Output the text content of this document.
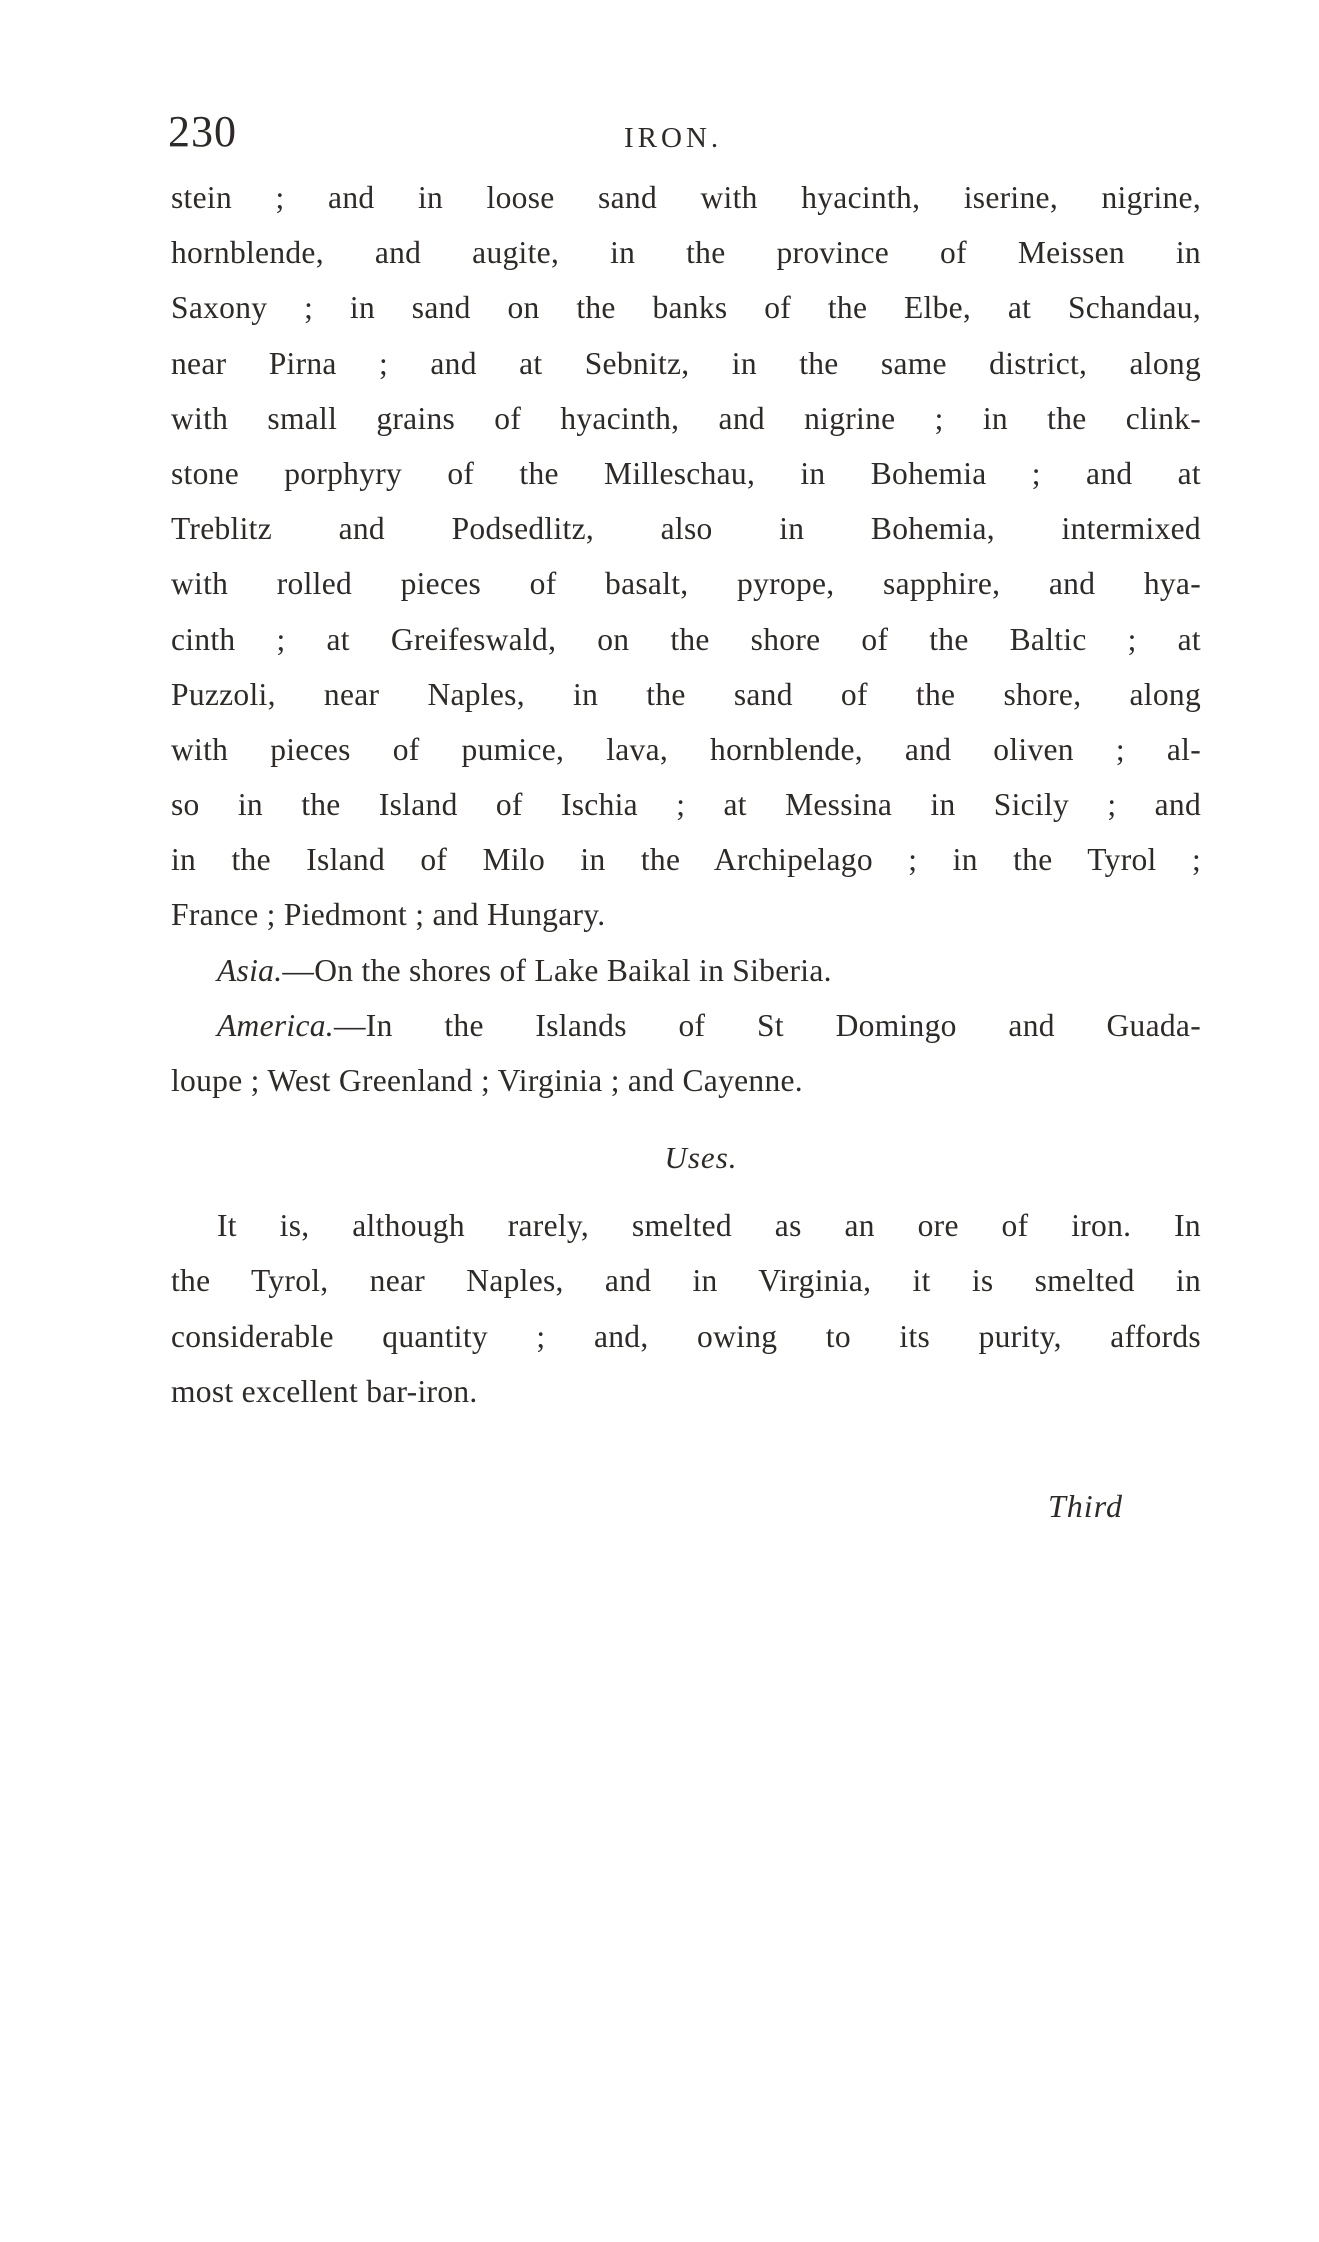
230	IRON.
stein ; and in loose sand with hyacinth, iserine, nigrine,
hornblende, and augite, in the province of Meissen in
Saxony ; in sand on the banks of the Elbe, at Schandau,
near Pirna ; and at Sebnitz, in the same district, along
with small grains of hyacinth, and nigrine ; in the clink-
stone porphyry of the Milleschau, in Bohemia ; and at
Treblitz and Podsedlitz, also in Bohemia, intermixed
with rolled pieces of basalt, pyrope, sapphire, and hya-
cinth ; at Greifeswald, on the shore of the Baltic ; at
Puzzoli, near Naples, in the sand of the shore, along
with pieces of pumice, lava, hornblende, and oliven ; al-
so in the Island of Ischia ; at Messina in Sicily ; and
in the Island of Milo in the Archipelago ; in the Tyrol ;
France ; Piedmont ; and Hungary.
Asia.—On the shores of Lake Baikal in Siberia.
America.—In the Islands of St Domingo and Guada-
loupe ; West Greenland ; Virginia ; and Cayenne.
Uses.
It is, although rarely, smelted as an ore of iron. In
the Tyrol, near Naples, and in Virginia, it is smelted in
considerable quantity ; and, owing to its purity, affords
most excellent bar-iron.
Third
